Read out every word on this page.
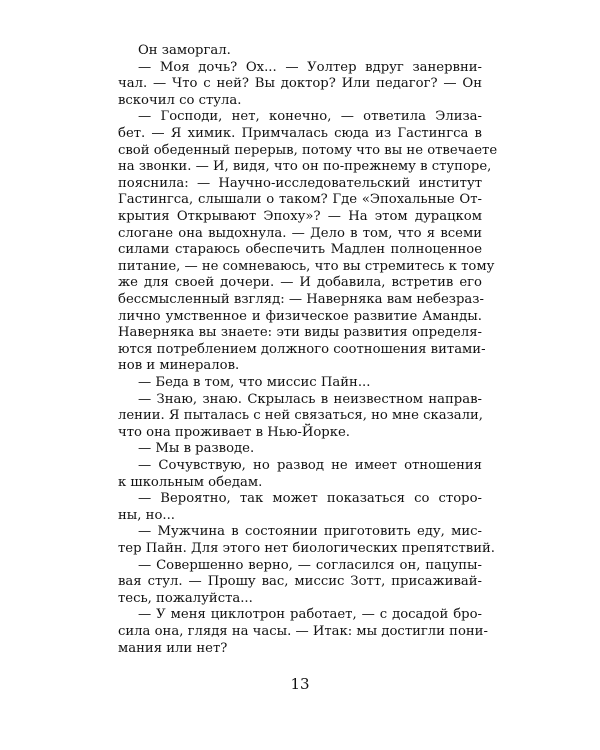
Он заморгал.
— Моя дочь? Ох... — Уолтер вдруг занервни-
чал. — Что с ней? Вы доктор? Или педагог? — Он
вскочил со стула.
— Господи, нет, конечно, — ответила Элиза-
бет. — Я химик. Примчалась сюда из Гастингса в
свой обеденный перерыв, потому что вы не отвечаете
на звонки. — И, видя, что он по-прежнему в ступоре,
пояснила: — Научно-исследовательский институт
Гастингса, слышали о таком? Где «Эпохальные От-
крытия Открывают Эпоху»? — На этом дурацком
слогане она выдохнула. — Дело в том, что я всеми
силами стараюсь обеспечить Мадлен полноценное
питание, — не сомневаюсь, что вы стремитесь к тому
же для своей дочери. — И добавила, встретив его
бессмысленный взгляд: — Наверняка вам небезраз-
лично умственное и физическое развитие Аманды.
Наверняка вы знаете: эти виды развития определя-
ются потреблением должного соотношения витами-
нов и минералов.
— Беда в том, что миссис Пайн...
— Знаю, знаю. Скрылась в неизвестном направ-
лении. Я пыталась с ней связаться, но мне сказали,
что она проживает в Нью-Йорке.
— Мы в разводе.
— Сочувствую, но развод не имеет отношения
к школьным обедам.
— Вероятно, так может показаться со сторо-
ны, но...
— Мужчина в состоянии приготовить еду, мис-
тер Пайн. Для этого нет биологических препятствий.
— Совершенно верно, — согласился он, пацупы-
вая стул. — Прошу вас, миссис Зотт, присаживай-
тесь, пожалуйста...
— У меня циклотрон работает, — с досадой бро-
сила она, глядя на часы. — Итак: мы достигли пони-
мания или нет?
13
